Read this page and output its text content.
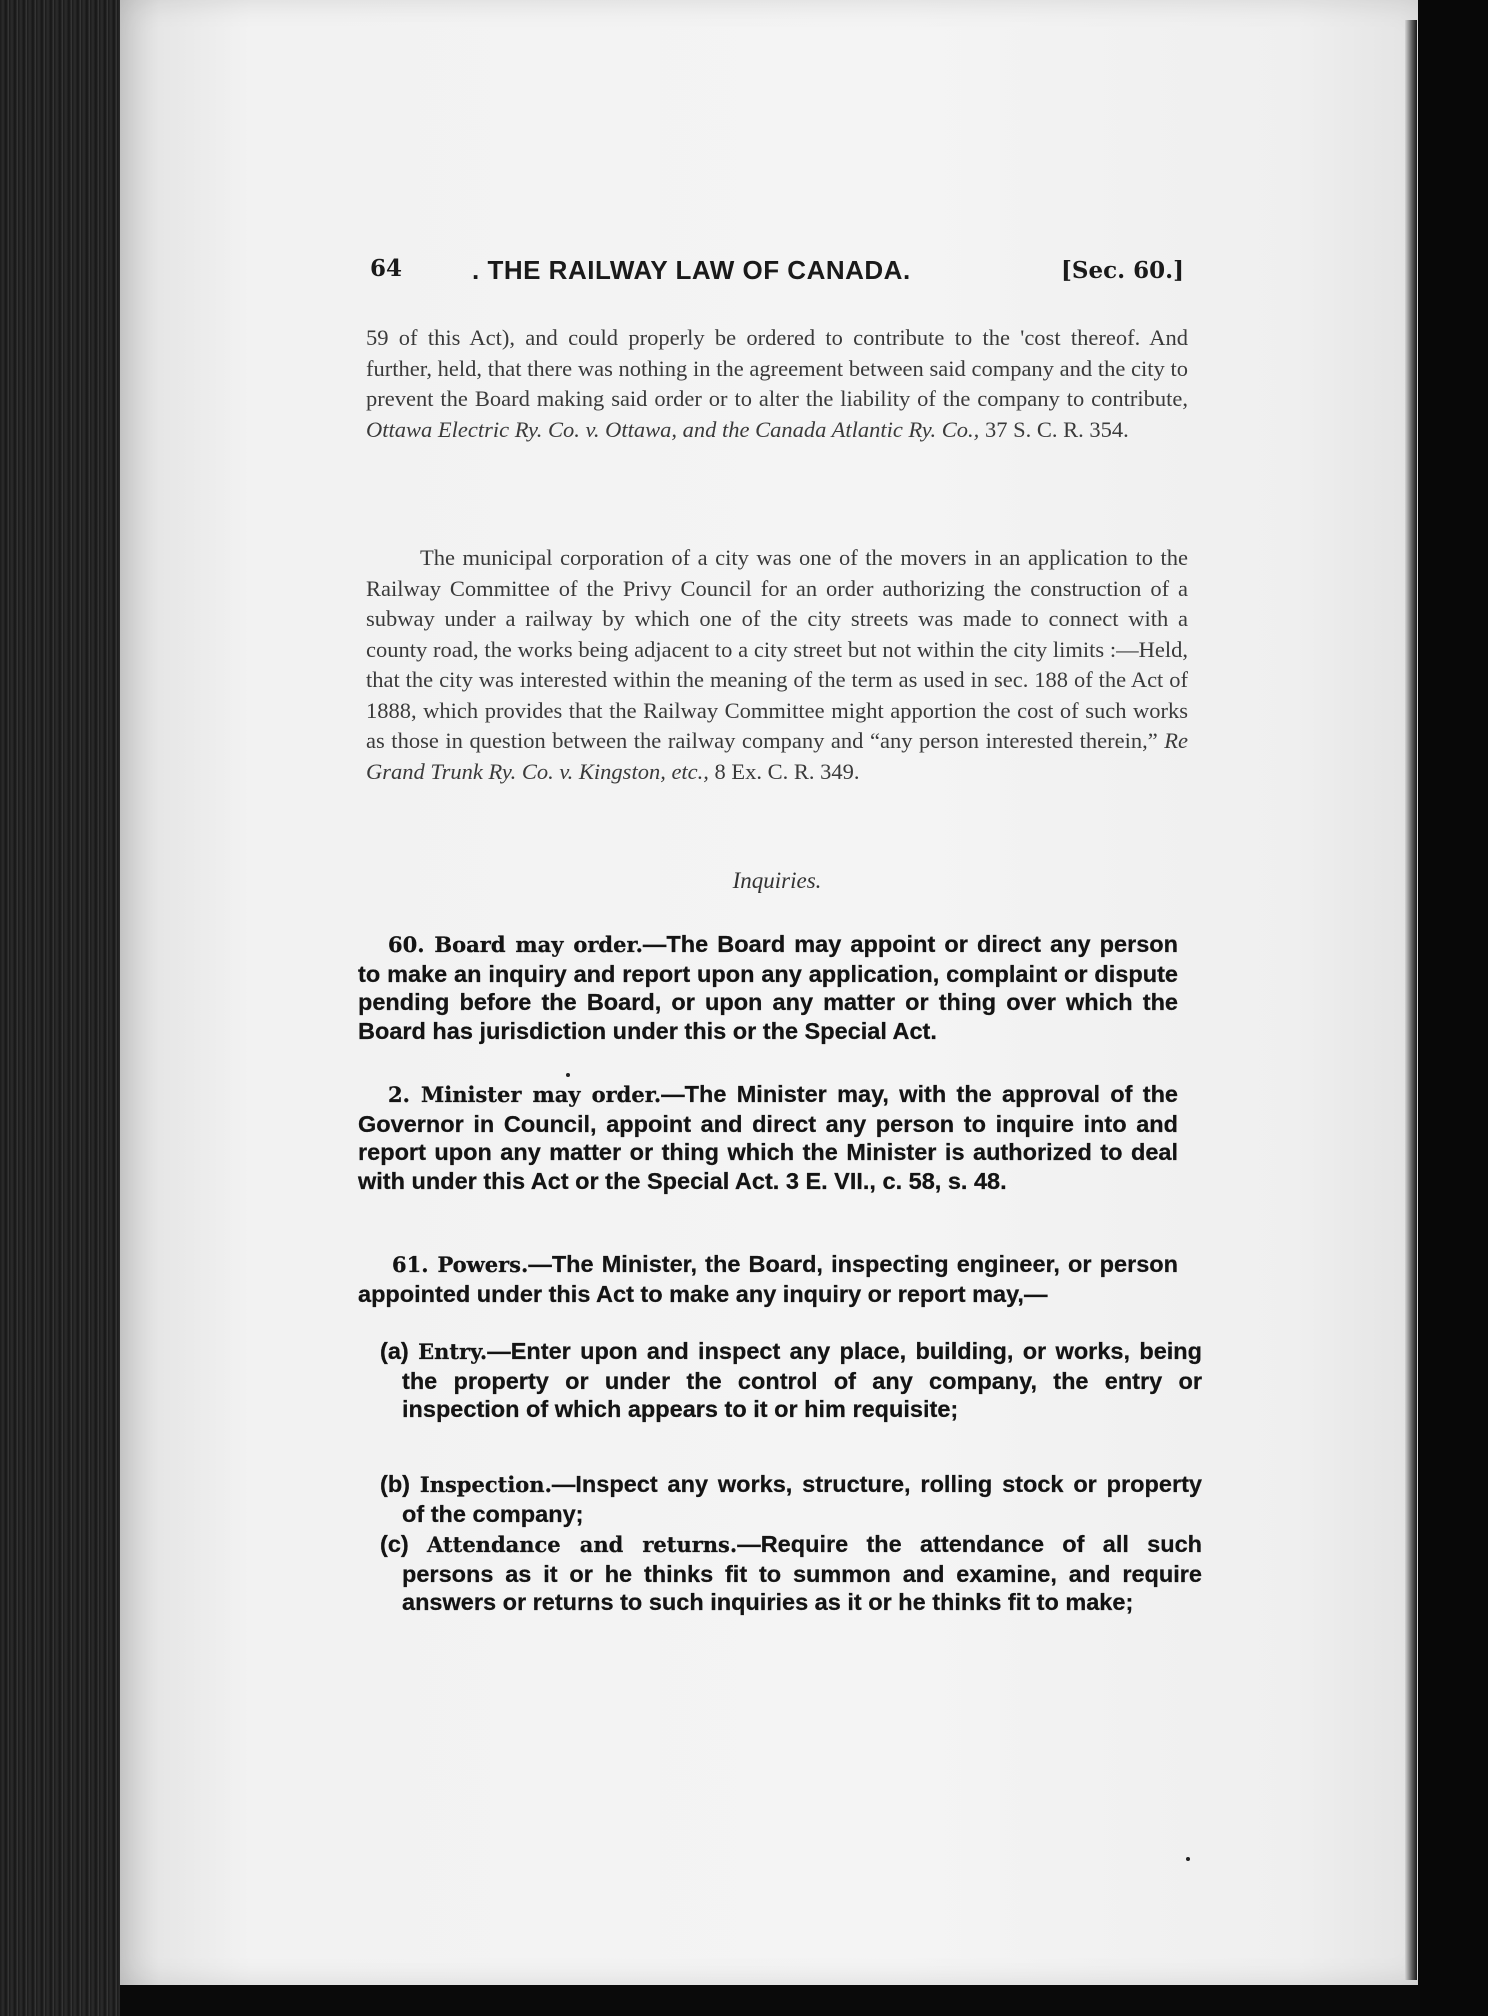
64	. THE RAILWAY LAW OF CANADA.	[Sec. 60.]

59 of this Act), and could properly be ordered to contribute to the 'cost thereof. And further, held, that there was nothing in the agreement between said company and the city to prevent the Board making said order or to alter the liability of the company to contribute, Ottawa Electric Ry. Co. v. Ottawa, and the Canada Atlantic Ry. Co., 37 S. C. R. 354.

The municipal corporation of a city was one of the movers in an application to the Railway Committee of the Privy Council for an order authorizing the construction of a subway under a railway by which one of the city streets was made to connect with a county road, the works being adjacent to a city street but not within the city limits :—Held, that the city was interested within the meaning of the term as used in sec. 188 of the Act of 1888, which provides that the Railway Committee might apportion the cost of such works as those in question between the railway company and “any person interested therein,” Re Grand Trunk Ry. Co. v. Kingston, etc., 8 Ex. C. R. 349.

Inquiries.

60. Board may order.—The Board may appoint or direct any person to make an inquiry and report upon any application, complaint or dispute pending before the Board, or upon any matter or thing over which the Board has jurisdiction under this or the Special Act.

2. Minister may order.—The Minister may, with the approval of the Governor in Council, appoint and direct any person to inquire into and report upon any matter or thing which the Minister is authorized to deal with under this Act or the Special Act. 3 E. VII., c. 58, s. 48.

61. Powers.—The Minister, the Board, inspecting engineer, or person appointed under this Act to make any inquiry or report may,—

(a) Entry.—Enter upon and inspect any place, building, or works, being the property or under the control of any company, the entry or inspection of which appears to it or him requisite;

(b) Inspection.—Inspect any works, structure, rolling stock or property of the company;

(c) Attendance and returns.—Require the attendance of all such persons as it or he thinks fit to summon and examine, and require answers or returns to such inquiries as it or he thinks fit to make;
